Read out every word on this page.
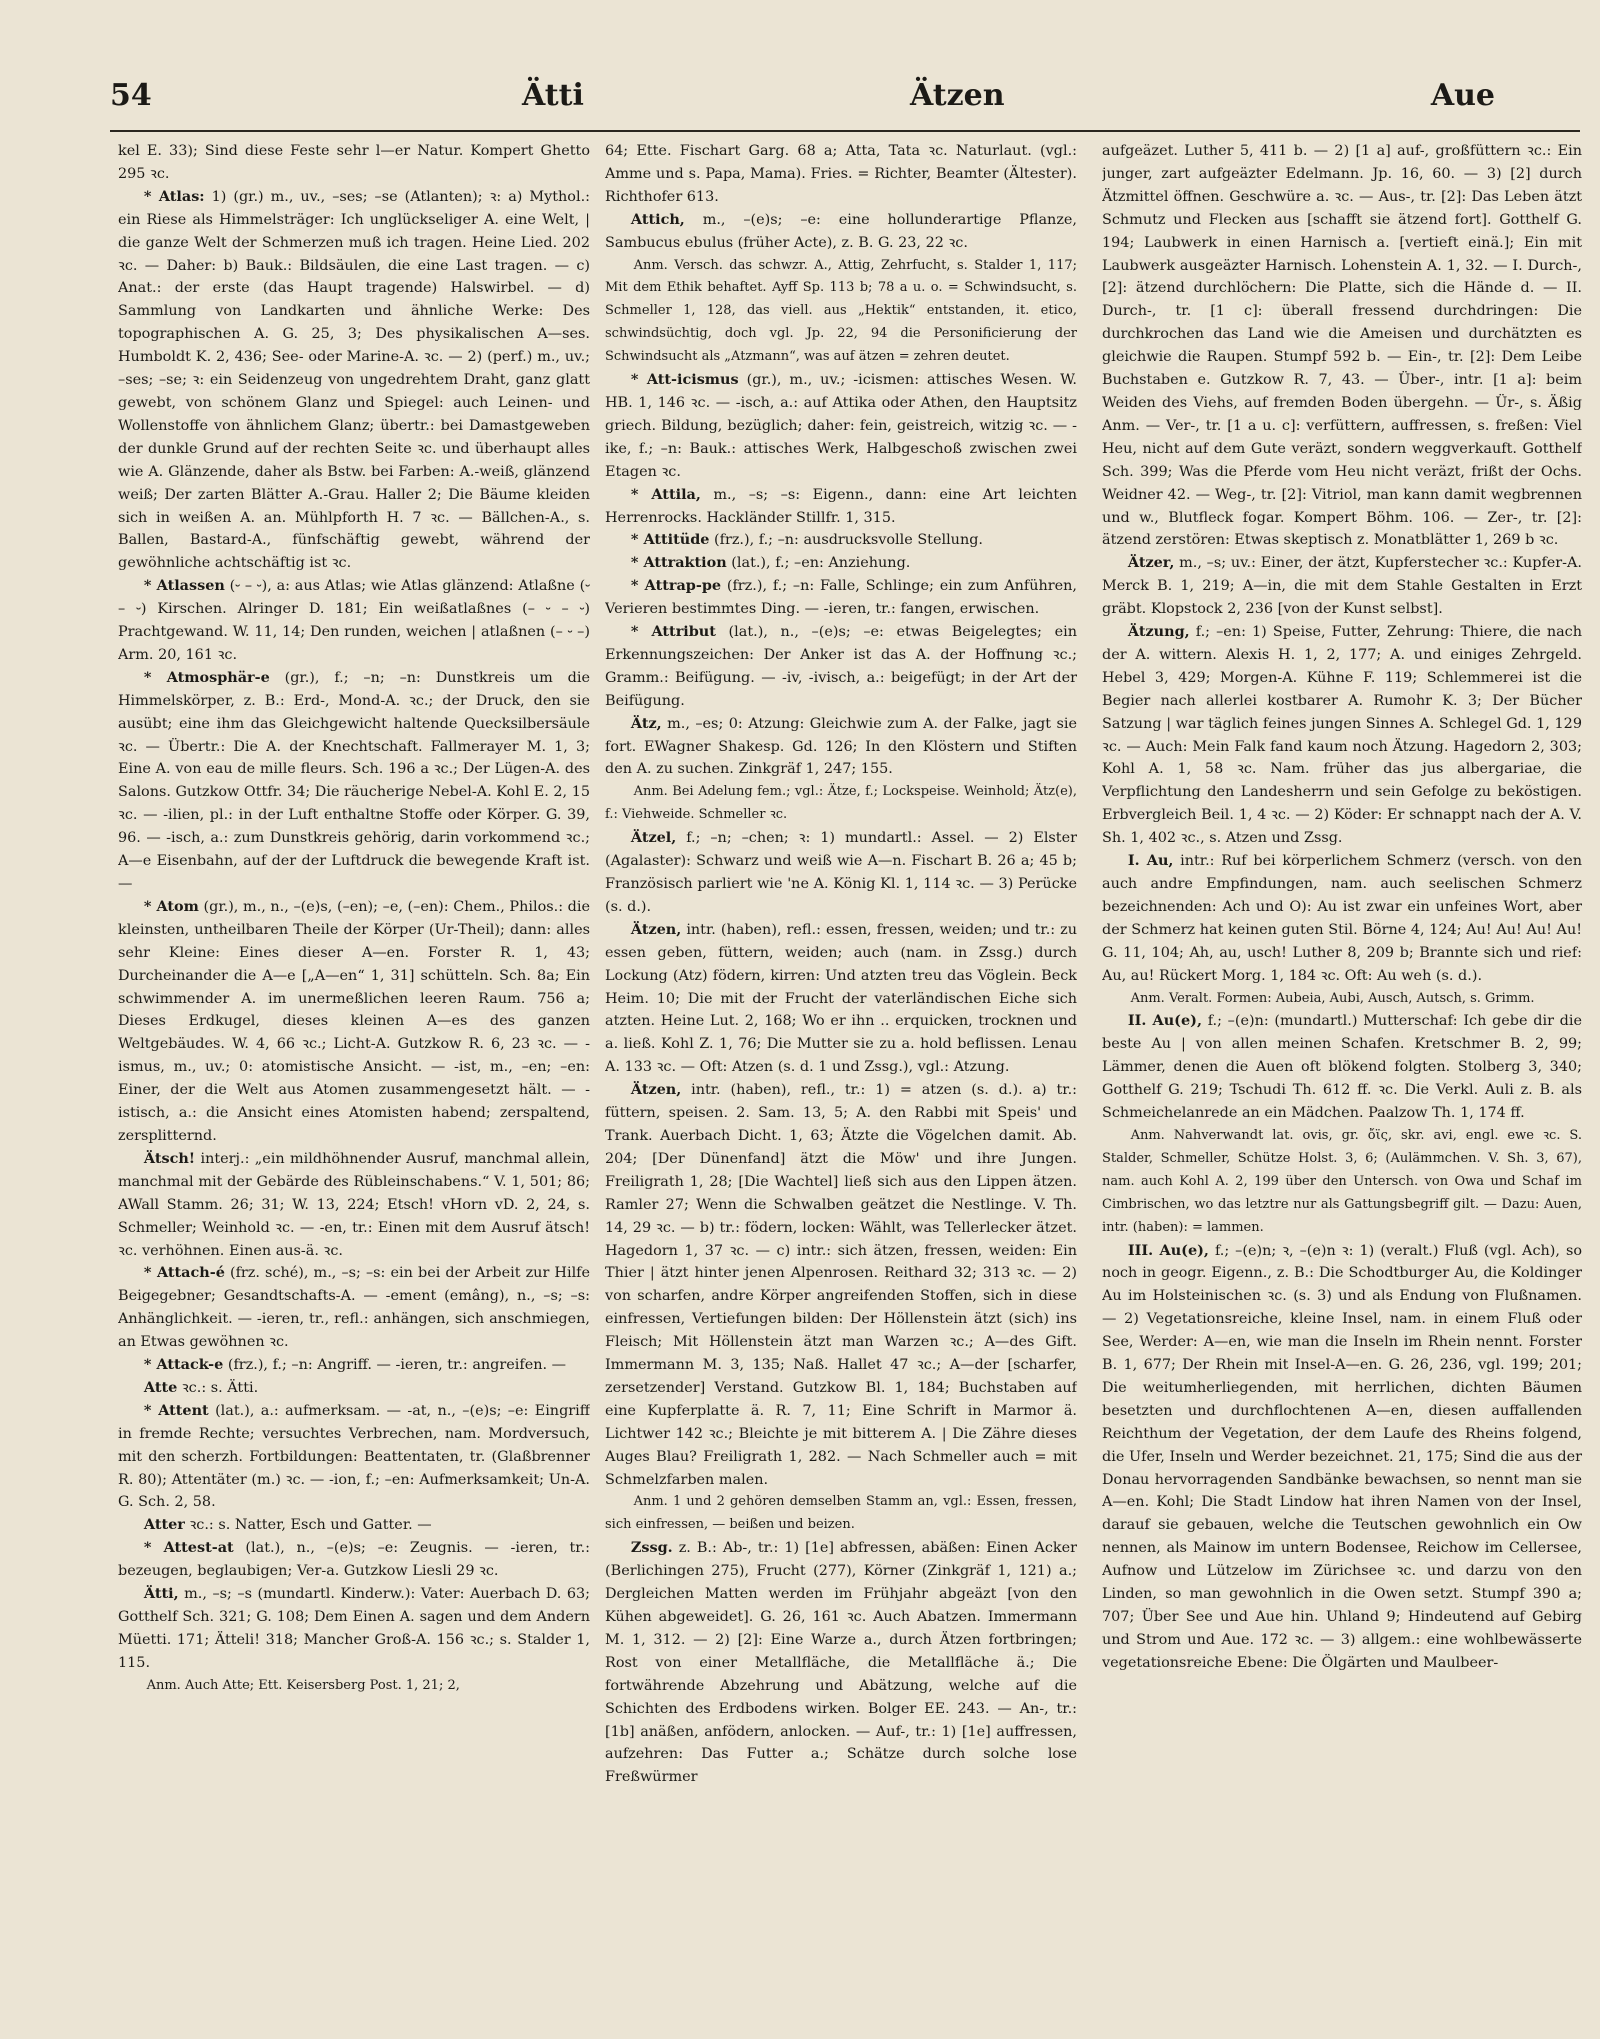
54	Ätti	Ätzen	Aue

kel E. 33); Sind diese Feste sehr l—er Natur. Kompert Ghetto 295 ꝛc.

* Atlas: 1) (gr.) m., uv., –ses; –se (Atlanten); ꝛ: a) Mythol.: ein Riese als Himmelsträger: Ich unglückseliger A. eine Welt, | die ganze Welt der Schmerzen muß ich tragen. Heine Lied. 202 ꝛc. — Daher: b) Bauk.: Bildsäulen, die eine Last tragen. — c) Anat.: der erste (das Haupt tragende) Halswirbel. — d) Sammlung von Landkarten und ähnliche Werke: Des topographischen A. G. 25, 3; Des physikalischen A—ses. Humboldt K. 2, 436; See- oder Marine-A. ꝛc. — 2) (perf.) m., uv.; –ses; –se; ꝛ: ein Seidenzeug von ungedrehtem Draht, ganz glatt gewebt, von schönem Glanz und Spiegel: auch Leinen- und Wollenstoffe von ähnlichem Glanz; übertr.: bei Damastgeweben der dunkle Grund auf der rechten Seite ꝛc. und überhaupt alles wie A. Glänzende, daher als Bstw. bei Farben: A.-weiß, glänzend weiß; Der zarten Blätter A.-Grau. Haller 2; Die Bäume kleiden sich in weißen A. an. Mühlpforth H. 7 ꝛc. — Bällchen-A., s. Ballen, Bastard-A., fünfschäftig gewebt, während der gewöhnliche achtschäftig ist ꝛc.

* Atlassen (⏑ – ⏑), a: aus Atlas; wie Atlas glänzend: Atlaßne (⏑ – ⏑) Kirschen. Alringer D. 181; Ein weißatlaßnes (– ⏑ – ⏑) Prachtgewand. W. 11, 14; Den runden, weichen | atlaßnen (– ⏑ –) Arm. 20, 161 ꝛc.

* Atmosphär-e (gr.), f.; –n; –n: Dunstkreis um die Himmelskörper, z. B.: Erd-, Mond-A. ꝛc.; der Druck, den sie ausübt; eine ihm das Gleichgewicht haltende Quecksilbersäule ꝛc. — Übertr.: Die A. der Knechtschaft. Fallmerayer M. 1, 3; Eine A. von eau de mille fleurs. Sch. 196 a ꝛc.; Der Lügen-A. des Salons. Gutzkow Ottfr. 34; Die räucherige Nebel-A. Kohl E. 2, 15 ꝛc. — -ilien, pl.: in der Luft enthaltne Stoffe oder Körper. G. 39, 96. — -isch, a.: zum Dunstkreis gehörig, darin vorkommend ꝛc.; A—e Eisenbahn, auf der der Luftdruck die bewegende Kraft ist. —

* Atom (gr.), m., n., –(e)s, (–en); –e, (–en): Chem., Philos.: die kleinsten, untheilbaren Theile der Körper (Ur-Theil); dann: alles sehr Kleine: Eines dieser A—en. Forster R. 1, 43; Durcheinander die A—e [„A—en“ 1, 31] schütteln. Sch. 8a; Ein schwimmender A. im unermeßlichen leeren Raum. 756 a; Dieses Erdkugel, dieses kleinen A—es des ganzen Weltgebäudes. W. 4, 66 ꝛc.; Licht-A. Gutzkow R. 6, 23 ꝛc. — -ismus, m., uv.; 0: atomistische Ansicht. — -ist, m., –en; –en: Einer, der die Welt aus Atomen zusammengesetzt hält. — -istisch, a.: die Ansicht eines Atomisten habend; zerspaltend, zersplitternd.

Ätsch! interj.: „ein mildhöhnender Ausruf, manchmal allein, manchmal mit der Gebärde des Rübleinschabens.“ V. 1, 501; 86; AWall Stamm. 26; 31; W. 13, 224; Etsch! vHorn vD. 2, 24, s. Schmeller; Weinhold ꝛc. — -en, tr.: Einen mit dem Ausruf ätsch! ꝛc. verhöhnen. Einen aus-ä. ꝛc.

* Attach-é (frz. sché), m., –s; –s: ein bei der Arbeit zur Hilfe Beigegebner; Gesandtschafts-A. — -ement (emâng), n., –s; –s: Anhänglichkeit. — -ieren, tr., refl.: anhängen, sich anschmiegen, an Etwas gewöhnen ꝛc.

* Attack-e (frz.), f.; –n: Angriff. — -ieren, tr.: angreifen. —

Atte ꝛc.: s. Ätti.

* Attent (lat.), a.: aufmerksam. — -at, n., –(e)s; –e: Eingriff in fremde Rechte; versuchtes Verbrechen, nam. Mordversuch, mit den scherzh. Fortbildungen: Beattentaten, tr. (Glaßbrenner R. 80); Attentäter (m.) ꝛc. — -ion, f.; –en: Aufmerksamkeit; Un-A. G. Sch. 2, 58.

Atter ꝛc.: s. Natter, Esch und Gatter. —

* Attest-at (lat.), n., –(e)s; –e: Zeugnis. — -ieren, tr.: bezeugen, beglaubigen; Ver-a. Gutzkow Liesli 29 ꝛc.

Ätti, m., –s; –s (mundartl. Kinderw.): Vater: Auerbach D. 63; Gotthelf Sch. 321; G. 108; Dem Einen A. sagen und dem Andern Müetti. 171; Ätteli! 318; Mancher Groß-A. 156 ꝛc.; s. Stalder 1, 115.

Anm. Auch Atte; Ett. Keisersberg Post. 1, 21; 2,

64; Ette. Fischart Garg. 68 a; Atta, Tata ꝛc. Naturlaut. (vgl.: Amme und s. Papa, Mama). Fries. = Richter, Beamter (Ältester). Richthofer 613.

Attich, m., –(e)s; –e: eine hollunderartige Pflanze, Sambucus ebulus (früher Acte), z. B. G. 23, 22 ꝛc.

Anm. Versch. das schwzr. A., Attig, Zehrfucht, s. Stalder 1, 117; Mit dem Ethik behaftet. Ayff Sp. 113 b; 78 a u. o. = Schwindsucht, s. Schmeller 1, 128, das viell. aus „Hektik“ entstanden, it. etico, schwindsüchtig, doch vgl. Jp. 22, 94 die Personificierung der Schwindsucht als „Atzmann“, was auf ätzen = zehren deutet.

* Att-icismus (gr.), m., uv.; -icismen: attisches Wesen. W. HB. 1, 146 ꝛc. — -isch, a.: auf Attika oder Athen, den Hauptsitz griech. Bildung, bezüglich; daher: fein, geistreich, witzig ꝛc. — -ike, f.; –n: Bauk.: attisches Werk, Halbgeschoß zwischen zwei Etagen ꝛc.

* Attila, m., –s; –s: Eigenn., dann: eine Art leichten Herrenrocks. Hackländer Stillfr. 1, 315.

* Attitüde (frz.), f.; –n: ausdrucksvolle Stellung.

* Attraktion (lat.), f.; –en: Anziehung.

* Attrap-pe (frz.), f.; –n: Falle, Schlinge; ein zum Anführen, Verieren bestimmtes Ding. — -ieren, tr.: fangen, erwischen.

* Attribut (lat.), n., –(e)s; –e: etwas Beigelegtes; ein Erkennungszeichen: Der Anker ist das A. der Hoffnung ꝛc.; Gramm.: Beifügung. — -iv, -ivisch, a.: beigefügt; in der Art der Beifügung.

Ätz, m., –es; 0: Atzung: Gleichwie zum A. der Falke, jagt sie fort. EWagner Shakesp. Gd. 126; In den Klöstern und Stiften den A. zu suchen. Zinkgräf 1, 247; 155.

Anm. Bei Adelung fem.; vgl.: Ätze, f.; Lockspeise. Weinhold; Ätz(e), f.: Viehweide. Schmeller ꝛc.

Ätzel, f.; –n; –chen; ꝛ: 1) mundartl.: Assel. — 2) Elster (Agalaster): Schwarz und weiß wie A—n. Fischart B. 26 a; 45 b; Französisch parliert wie 'ne A. König Kl. 1, 114 ꝛc. — 3) Perücke (s. d.).

Ätzen, intr. (haben), refl.: essen, fressen, weiden; und tr.: zu essen geben, füttern, weiden; auch (nam. in Zssg.) durch Lockung (Atz) födern, kirren: Und atzten treu das Vöglein. Beck Heim. 10; Die mit der Frucht der vaterländischen Eiche sich atzten. Heine Lut. 2, 168; Wo er ihn .. erquicken, trocknen und a. ließ. Kohl Z. 1, 76; Die Mutter sie zu a. hold beflissen. Lenau A. 133 ꝛc. — Oft: Atzen (s. d. 1 und Zssg.), vgl.: Atzung.

Ätzen, intr. (haben), refl., tr.: 1) = atzen (s. d.). a) tr.: füttern, speisen. 2. Sam. 13, 5; A. den Rabbi mit Speis' und Trank. Auerbach Dicht. 1, 63; Ätzte die Vögelchen damit. Ab. 204; [Der Dünenfand] ätzt die Möw' und ihre Jungen. Freiligrath 1, 28; [Die Wachtel] ließ sich aus den Lippen ätzen. Ramler 27; Wenn die Schwalben geätzet die Nestlinge. V. Th. 14, 29 ꝛc. — b) tr.: födern, locken: Wählt, was Tellerlecker ätzet. Hagedorn 1, 37 ꝛc. — c) intr.: sich ätzen, fressen, weiden: Ein Thier | ätzt hinter jenen Alpenrosen. Reithard 32; 313 ꝛc. — 2) von scharfen, andre Körper angreifenden Stoffen, sich in diese einfressen, Vertiefungen bilden: Der Höllenstein ätzt (sich) ins Fleisch; Mit Höllenstein ätzt man Warzen ꝛc.; A—des Gift. Immermann M. 3, 135; Naß. Hallet 47 ꝛc.; A—der [scharfer, zersetzender] Verstand. Gutzkow Bl. 1, 184; Buchstaben auf eine Kupferplatte ä. R. 7, 11; Eine Schrift in Marmor ä. Lichtwer 142 ꝛc.; Bleichte je mit bitterem A. | Die Zähre dieses Auges Blau? Freiligrath 1, 282. — Nach Schmeller auch = mit Schmelzfarben malen.

Anm. 1 und 2 gehören demselben Stamm an, vgl.: Essen, fressen, sich einfressen, — beißen und beizen.

Zssg. z. B.: Ab-, tr.: 1) [1e] abfressen, abäßen: Einen Acker (Berlichingen 275), Frucht (277), Körner (Zinkgräf 1, 121) a.; Dergleichen Matten werden im Frühjahr abgeäzt [von den Kühen abgeweidet]. G. 26, 161 ꝛc. Auch Abatzen. Immermann M. 1, 312. — 2) [2]: Eine Warze a., durch Ätzen fortbringen; Rost von einer Metallfläche, die Metallfläche ä.; Die fortwährende Abzehrung und Abätzung, welche auf die Schichten des Erdbodens wirken. Bolger EE. 243. — An-, tr.: [1b] anäßen, anfödern, anlocken. — Auf-, tr.: 1) [1e] auffressen, aufzehren: Das Futter a.; Schätze durch solche lose Freßwürmer

aufgeäzet. Luther 5, 411 b. — 2) [1 a] auf-, großfüttern ꝛc.: Ein junger, zart aufgeäzter Edelmann. Jp. 16, 60. — 3) [2] durch Ätzmittel öffnen. Geschwüre a. ꝛc. — Aus-, tr. [2]: Das Leben ätzt Schmutz und Flecken aus [schafft sie ätzend fort]. Gotthelf G. 194; Laubwerk in einen Harnisch a. [vertieft einä.]; Ein mit Laubwerk ausgeäzter Harnisch. Lohenstein A. 1, 32. — I. Durch-, [2]: ätzend durchlöchern: Die Platte, sich die Hände d. — II. Durch-, tr. [1 c]: überall fressend durchdringen: Die durchkrochen das Land wie die Ameisen und durchätzten es gleichwie die Raupen. Stumpf 592 b. — Ein-, tr. [2]: Dem Leibe Buchstaben e. Gutzkow R. 7, 43. — Über-, intr. [1 a]: beim Weiden des Viehs, auf fremden Boden übergehn. — Ür-, s. Äßig Anm. — Ver-, tr. [1 a u. c]: verfüttern, auffressen, s. freßen: Viel Heu, nicht auf dem Gute veräzt, sondern weggverkauft. Gotthelf Sch. 399; Was die Pferde vom Heu nicht veräzt, frißt der Ochs. Weidner 42. — Weg-, tr. [2]: Vitriol, man kann damit wegbrennen und w., Blutfleck fogar. Kompert Böhm. 106. — Zer-, tr. [2]: ätzend zerstören: Etwas skeptisch z. Monatblätter 1, 269 b ꝛc.

Ätzer, m., –s; uv.: Einer, der ätzt, Kupferstecher ꝛc.: Kupfer-A. Merck B. 1, 219; A—in, die mit dem Stahle Gestalten in Erzt gräbt. Klopstock 2, 236 [von der Kunst selbst].

Ätzung, f.; –en: 1) Speise, Futter, Zehrung: Thiere, die nach der A. wittern. Alexis H. 1, 2, 177; A. und einiges Zehrgeld. Hebel 3, 429; Morgen-A. Kühne F. 119; Schlemmerei ist die Begier nach allerlei kostbarer A. Rumohr K. 3; Der Bücher Satzung | war täglich feines jungen Sinnes A. Schlegel Gd. 1, 129 ꝛc. — Auch: Mein Falk fand kaum noch Ätzung. Hagedorn 2, 303; Kohl A. 1, 58 ꝛc. Nam. früher das jus albergariae, die Verpflichtung den Landesherrn und sein Gefolge zu beköstigen. Erbvergleich Beil. 1, 4 ꝛc. — 2) Köder: Er schnappt nach der A. V. Sh. 1, 402 ꝛc., s. Atzen und Zssg.

I. Au, intr.: Ruf bei körperlichem Schmerz (versch. von den auch andre Empfindungen, nam. auch seelischen Schmerz bezeichnenden: Ach und O): Au ist zwar ein unfeines Wort, aber der Schmerz hat keinen guten Stil. Börne 4, 124; Au! Au! Au! Au! G. 11, 104; Ah, au, usch! Luther 8, 209 b; Brannte sich und rief: Au, au! Rückert Morg. 1, 184 ꝛc. Oft: Au weh (s. d.).

Anm. Veralt. Formen: Aubeia, Aubi, Ausch, Autsch, s. Grimm.

II. Au(e), f.; –(e)n: (mundartl.) Mutterschaf: Ich gebe dir die beste Au | von allen meinen Schafen. Kretschmer B. 2, 99; Lämmer, denen die Auen oft blökend folgten. Stolberg 3, 340; Gotthelf G. 219; Tschudi Th. 612 ff. ꝛc. Die Verkl. Auli z. B. als Schmeichelanrede an ein Mädchen. Paalzow Th. 1, 174 ff.

Anm. Nahverwandt lat. ovis, gr. ὄϊς, skr. avi, engl. ewe ꝛc. S. Stalder, Schmeller, Schütze Holst. 3, 6; (Aulämmchen. V. Sh. 3, 67), nam. auch Kohl A. 2, 199 über den Untersch. von Owa und Schaf im Cimbrischen, wo das letztre nur als Gattungsbegriff gilt. — Dazu: Auen, intr. (haben): = lammen.

III. Au(e), f.; –(e)n; ꝛ, –(e)n ꝛ: 1) (veralt.) Fluß (vgl. Ach), so noch in geogr. Eigenn., z. B.: Die Schodtburger Au, die Koldinger Au im Holsteinischen ꝛc. (s. 3) und als Endung von Flußnamen. — 2) Vegetationsreiche, kleine Insel, nam. in einem Fluß oder See, Werder: A—en, wie man die Inseln im Rhein nennt. Forster B. 1, 677; Der Rhein mit Insel-A—en. G. 26, 236, vgl. 199; 201; Die weitumherliegenden, mit herrlichen, dichten Bäumen besetzten und durchflochtenen A—en, diesen auffallenden Reichthum der Vegetation, der dem Laufe des Rheins folgend, die Ufer, Inseln und Werder bezeichnet. 21, 175; Sind die aus der Donau hervorragenden Sandbänke bewachsen, so nennt man sie A—en. Kohl; Die Stadt Lindow hat ihren Namen von der Insel, darauf sie gebauen, welche die Teutschen gewohnlich ein Ow nennen, als Mainow im untern Bodensee, Reichow im Cellersee, Aufnow und Lützelow im Zürichsee ꝛc. und darzu von den Linden, so man gewohnlich in die Owen setzt. Stumpf 390 a; 707; Über See und Aue hin. Uhland 9; Hindeutend auf Gebirg und Strom und Aue. 172 ꝛc. — 3) allgem.: eine wohlbewässerte vegetationsreiche Ebene: Die Ölgärten und Maulbeer-
